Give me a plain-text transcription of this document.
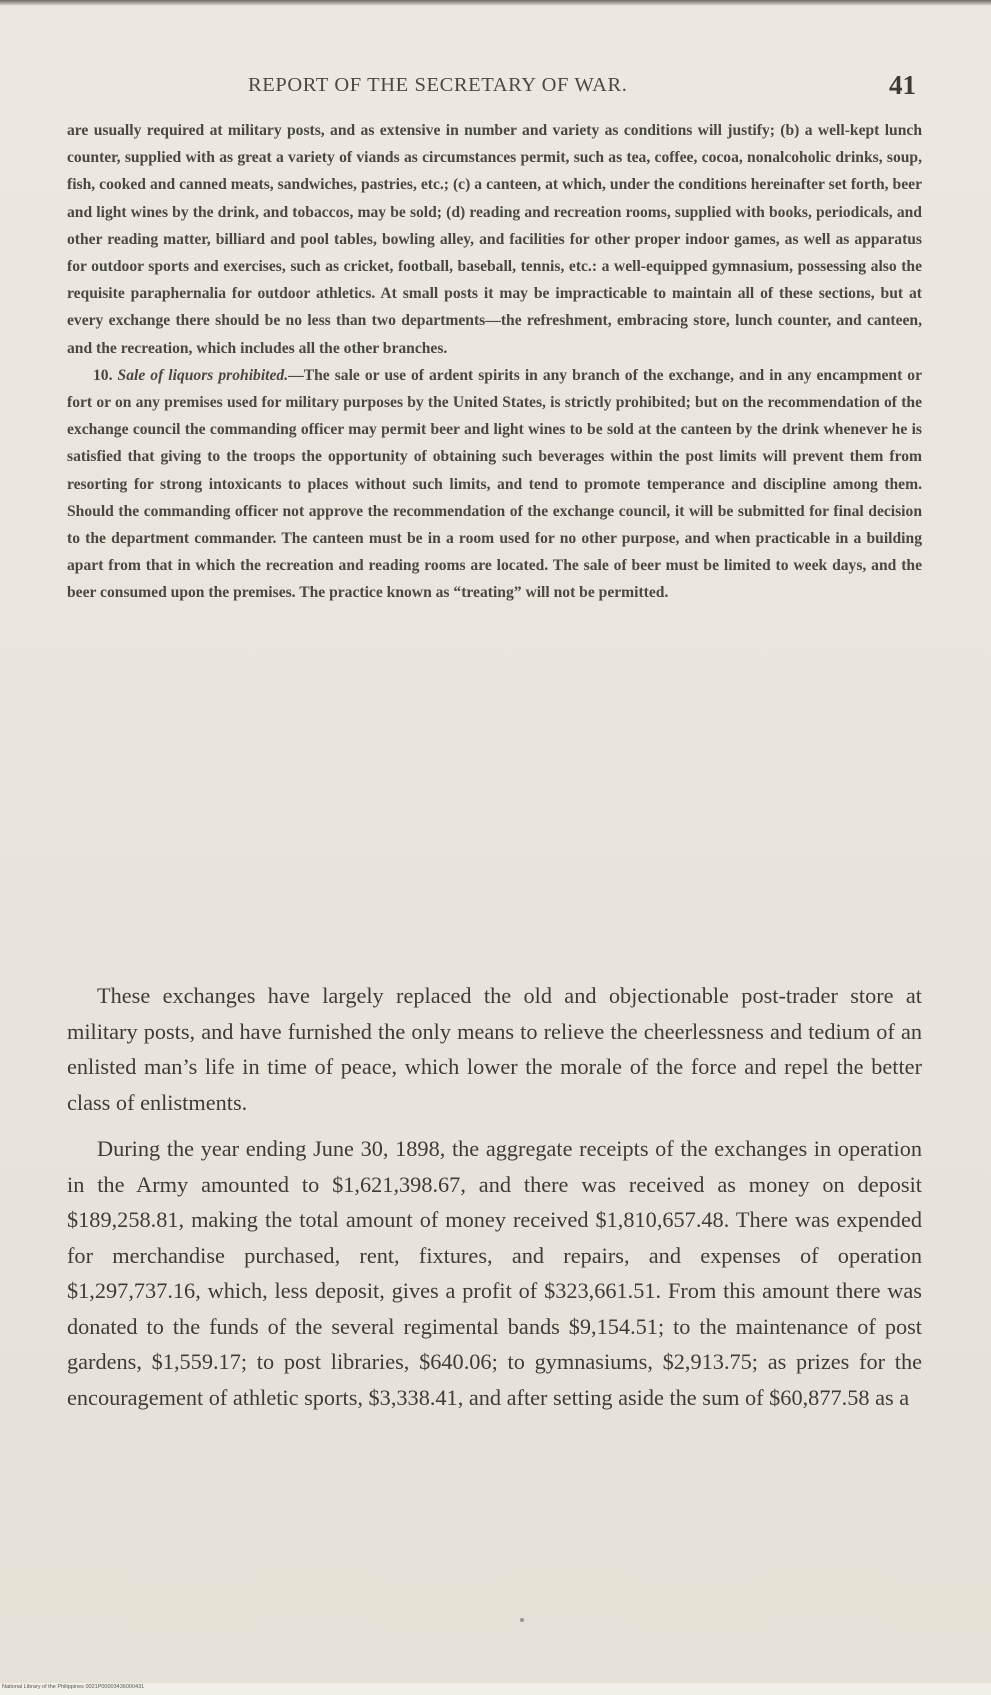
REPORT OF THE SECRETARY OF WAR.	41

are usually required at military posts, and as extensive in number and variety as conditions will justify; (b) a well-kept lunch counter, supplied with as great a variety of viands as circumstances permit, such as tea, coffee, cocoa, nonalcoholic drinks, soup, fish, cooked and canned meats, sandwiches, pastries, etc.; (c) a canteen, at which, under the conditions hereinafter set forth, beer and light wines by the drink, and tobaccos, may be sold; (d) reading and recreation rooms, supplied with books, periodicals, and other reading matter, billiard and pool tables, bowling alley, and facilities for other proper indoor games, as well as apparatus for outdoor sports and exercises, such as cricket, football, baseball, tennis, etc.: a well-equipped gymnasium, possessing also the requisite paraphernalia for outdoor athletics. At small posts it may be impracticable to maintain all of these sections, but at every exchange there should be no less than two departments—the refreshment, embracing store, lunch counter, and canteen, and the recreation, which includes all the other branches.

10. Sale of liquors prohibited.—The sale or use of ardent spirits in any branch of the exchange, and in any encampment or fort or on any premises used for military purposes by the United States, is strictly prohibited; but on the recommendation of the exchange council the commanding officer may permit beer and light wines to be sold at the canteen by the drink whenever he is satisfied that giving to the troops the opportunity of obtaining such beverages within the post limits will prevent them from resorting for strong intoxicants to places without such limits, and tend to promote temperance and discipline among them. Should the commanding officer not approve the recommendation of the exchange council, it will be submitted for final decision to the department commander. The canteen must be in a room used for no other purpose, and when practicable in a building apart from that in which the recreation and reading rooms are located. The sale of beer must be limited to week days, and the beer consumed upon the premises. The practice known as “treating” will not be permitted.

These exchanges have largely replaced the old and objectionable post-trader store at military posts, and have furnished the only means to relieve the cheerlessness and tedium of an enlisted man’s life in time of peace, which lower the morale of the force and repel the better class of enlistments.

During the year ending June 30, 1898, the aggregate receipts of the exchanges in operation in the Army amounted to $1,621,398.67, and there was received as money on deposit $189,258.81, making the total amount of money received $1,810,657.48. There was expended for merchandise purchased, rent, fixtures, and repairs, and expenses of operation $1,297,737.16, which, less deposit, gives a profit of $323,661.51. From this amount there was donated to the funds of the several regimental bands $9,154.51; to the maintenance of post gardens, $1,559.17; to post libraries, $640.06; to gymnasiums, $2,913.75; as prizes for the encouragement of athletic sports, $3,338.41, and after setting aside the sum of $60,877.58 as a

National Library of the Philippines 0021P00003436000431
